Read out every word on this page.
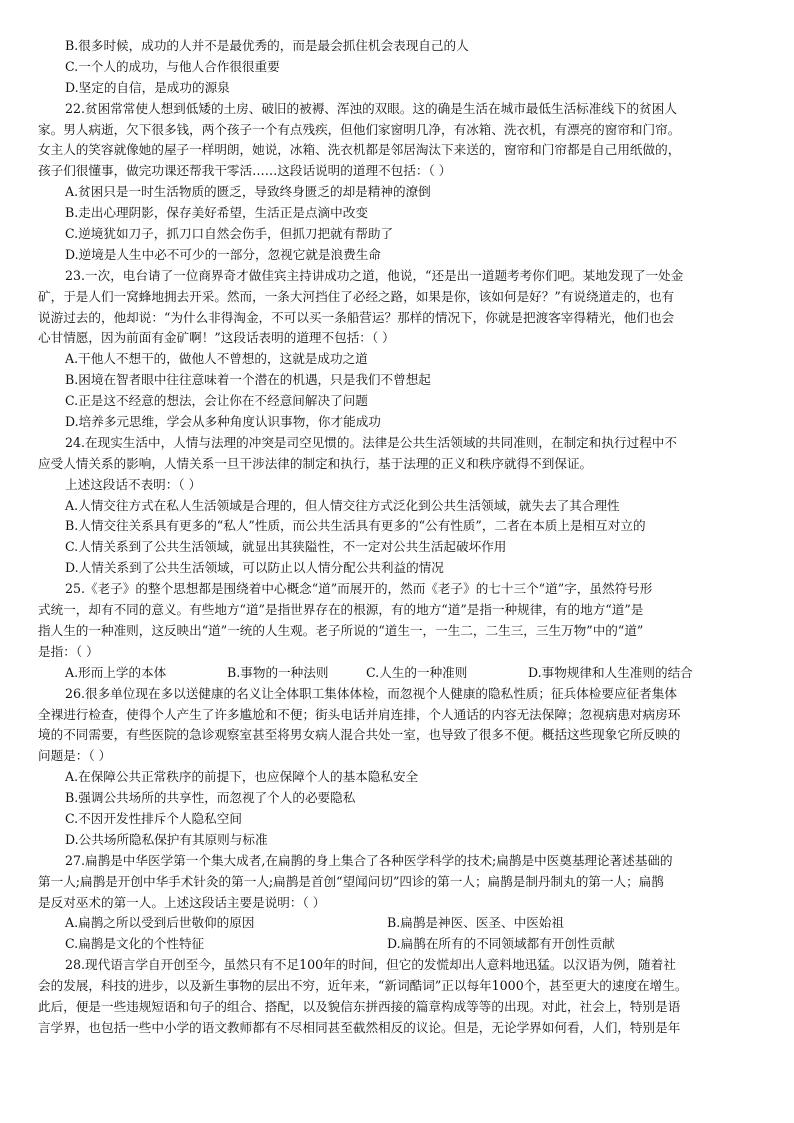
B.很多时候，成功的人并不是最优秀的，而是最会抓住机会表现自己的人
C.一个人的成功，与他人合作很很重要
D.坚定的自信，是成功的源泉
22.贫困常常使人想到低矮的土房、破旧的被褥、浑浊的双眼。这的确是生活在城市最低生活标准线下的贫困人
家。男人病逝，欠下很多钱，两个孩子一个有点残疾，但他们家窗明几净，有冰箱、洗衣机，有漂亮的窗帘和门帘。
女主人的笑容就像她的屋子一样明朗，她说，冰箱、洗衣机都是邻居淘汰下来送的，窗帘和门帘都是自己用纸做的，
孩子们很懂事，做完功课还帮我干零活……这段话说明的道理不包括：（ ）
A.贫困只是一时生活物质的匮乏，导致终身匮乏的却是精神的潦倒
B.走出心理阴影，保存美好希望，生活正是点滴中改变
C.逆境犹如刀子，抓刀口自然会伤手，但抓刀把就有帮助了
D.逆境是人生中必不可少的一部分，忽视它就是浪费生命
23.一次，电台请了一位商界奇才做佳宾主持讲成功之道，他说，“还是出一道题考考你们吧。某地发现了一处金
矿，于是人们一窝蜂地拥去开采。然而，一条大河挡住了必经之路，如果是你，该如何是好？”有说绕道走的，也有
说游过去的，他却说：“为什么非得淘金，不可以买一条船营运？那样的情况下，你就是把渡客宰得精光，他们也会
心甘情愿，因为前面有金矿啊！”这段话表明的道理不包括：（ ）
A.干他人不想干的，做他人不曾想的，这就是成功之道
B.困境在智者眼中往往意味着一个潜在的机遇，只是我们不曾想起
C.正是这不经意的想法，会让你在不经意间解决了问题
D.培养多元思维，学会从多种角度认识事物，你才能成功
24.在现实生活中，人情与法理的冲突是司空见惯的。法律是公共生活领域的共同准则，在制定和执行过程中不
应受人情关系的影响，人情关系一旦干涉法律的制定和执行，基于法理的正义和秩序就得不到保证。
上述这段话不表明：（ ）
A.人情交往方式在私人生活领域是合理的，但人情交往方式泛化到公共生活领域，就失去了其合理性
B.人情交往关系具有更多的“私人”性质，而公共生活具有更多的“公有性质”，二者在本质上是相互对立的
C.人情关系到了公共生活领域，就显出其狭隘性，不一定对公共生活起破坏作用
D.人情关系到了公共生活领域，可以防止以人情分配公共利益的情况
25.《老子》的整个思想都是围绕着中心概念“道”而展开的，然而《老子》的七十三个“道”字，虽然符号形
式统一，却有不同的意义。有些地方“道”是指世界存在的根源，有的地方“道”是指一种规律，有的地方“道”是
指人生的一种准则，这反映出“道”一统的人生观。老子所说的“道生一，一生二，二生三，三生万物”中的“道”
是指：（ ）
A.形而上学的本体	B.事物的一种法则	C.人生的一种准则	D.事物规律和人生准则的结合
26.很多单位现在多以送健康的名义让全体职工集体体检，而忽视个人健康的隐私性质；征兵体检要应征者集体
全裸进行检查，使得个人产生了许多尴尬和不便；街头电话并肩连排，个人通话的内容无法保障；忽视病患对病房环
境的不同需要，有些医院的急诊观察室甚至将男女病人混合共处一室，也导致了很多不便。概括这些现象它所反映的
问题是：（ ）
A.在保障公共正常秩序的前提下，也应保障个人的基本隐私安全
B.强调公共场所的共享性，而忽视了个人的必要隐私
C.不因开发性排斥个人隐私空间
D.公共场所隐私保护有其原则与标准
27.扁鹊是中华医学第一个集大成者,在扁鹊的身上集合了各种医学科学的技术;扁鹊是中医奠基理论著述基础的
第一人;扁鹊是开创中华手术针灸的第一人;扁鹊是首创“望闻问切”四诊的第一人；扁鹊是制丹制丸的第一人；扁鹊
是反对巫术的第一人。上述这段话主要是说明：（ ）
A.扁鹊之所以受到后世敬仰的原因	B.扁鹊是神医、医圣、中医始祖
C.扁鹊是文化的个性特征	D.扁鹊在所有的不同领域都有开创性贡献
28.现代语言学自开创至今，虽然只有不足100年的时间，但它的发慌却出人意料地迅猛。以汉语为例，随着社
会的发展，科技的进步，以及新生事物的层出不穷，近年来，“新词酷词”正以每年1000个，甚至更大的速度在增生。
此后，便是一些违规短语和句子的组合、搭配，以及貌信东拼西接的篇章构成等等的出现。对此，社会上，特别是语
言学界，也包括一些中小学的语文教师都有不尽相同甚至截然相反的议论。但是，无论学界如何看，人们，特别是年
